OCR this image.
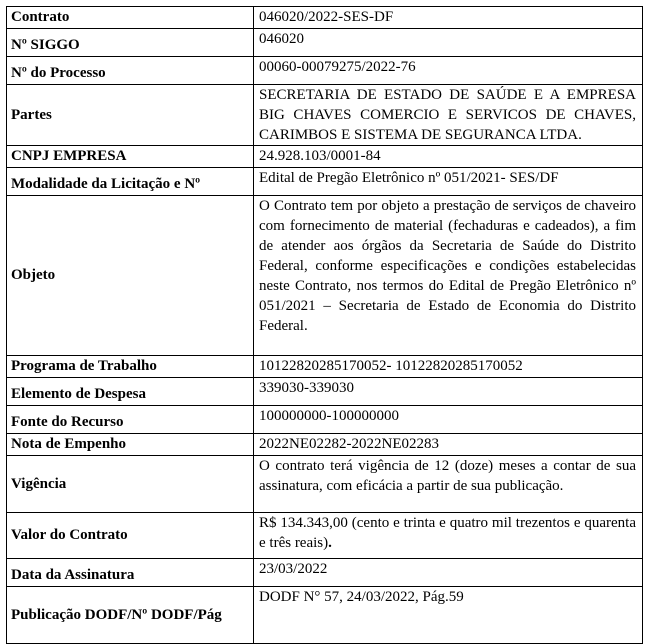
Contrato	046020/2022-SES-DF
Nº SIGGO	046020
Nº do Processo	00060-00079275/2022-76
Partes	SECRETARIA DE ESTADO DE SAÚDE E A EMPRESA BIG CHAVES COMERCIO E SERVICOS DE CHAVES, CARIMBOS E SISTEMA DE SEGURANCA LTDA.
CNPJ EMPRESA	24.928.103/0001-84
Modalidade da Licitação e Nº	Edital de Pregão Eletrônico nº 051/2021- SES/DF
Objeto	O Contrato tem por objeto a prestação de serviços de chaveiro com fornecimento de material (fechaduras e cadeados), a fim de atender aos órgãos da Secretaria de Saúde do Distrito Federal, conforme especificações e condições estabelecidas neste Contrato, nos termos do Edital de Pregão Eletrônico nº 051/2021 – Secretaria de Estado de Economia do Distrito Federal.
Programa de Trabalho	10122820285170052- 10122820285170052
Elemento de Despesa	339030-339030
Fonte do Recurso	100000000-100000000
Nota de Empenho	2022NE02282-2022NE02283
Vigência	O contrato terá vigência de 12 (doze) meses a contar de sua assinatura, com eficácia a partir de sua publicação.
Valor do Contrato	R$ 134.343,00 (cento e trinta e quatro mil trezentos e quarenta e três reais).
Data da Assinatura	23/03/2022
Publicação DODF/Nº DODF/Pág	DODF N° 57, 24/03/2022, Pág.59
